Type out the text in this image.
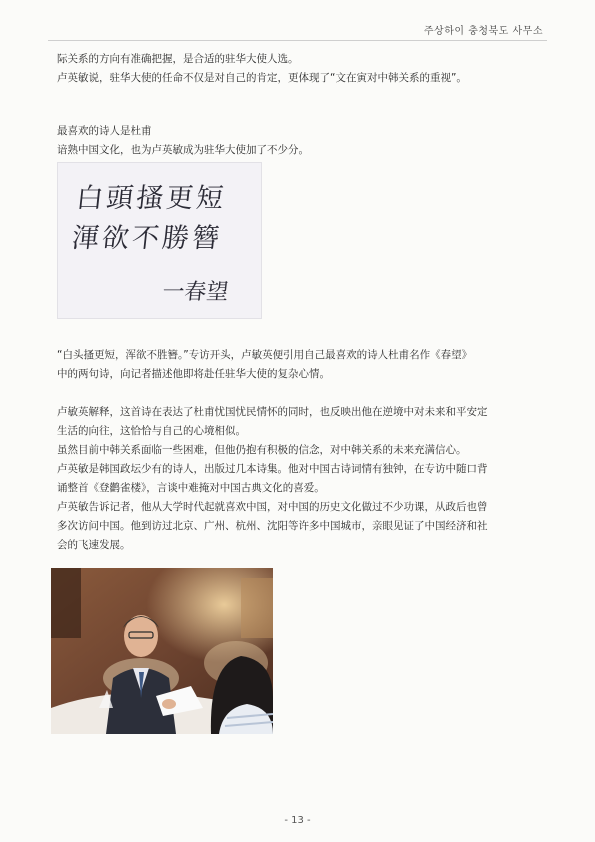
주상하이 충청북도 사무소
际关系的方向有准确把握，是合适的驻华大使人选。
卢英敏说，驻华大使的任命不仅是对自己的肯定，更体现了“文在寅对中韩关系的重视”。
最喜欢的诗人是杜甫
谙熟中国文化，也为卢英敏成为驻华大使加了不少分。
白頭搔更短
渾欲不勝簪
一春望
“白头搔更短，浑欲不胜簪。”专访开头，卢敏英便引用自己最喜欢的诗人杜甫名作《春望》
中的两句诗，向记者描述他即将赴任驻华大使的复杂心情。
卢敏英解释，这首诗在表达了杜甫忧国忧民情怀的同时，也反映出他在逆境中对未来和平安定
生活的向往，这恰恰与自己的心境相似。
虽然目前中韩关系面临一些困难，但他仍抱有积极的信念，对中韩关系的未来充满信心。
卢英敏是韩国政坛少有的诗人，出版过几本诗集。他对中国古诗词情有独钟，在专访中随口背
诵整首《登鹳雀楼》，言谈中难掩对中国古典文化的喜爱。
卢英敏告诉记者，他从大学时代起就喜欢中国，对中国的历史文化做过不少功课，从政后也曾
多次访问中国。他到访过北京、广州、杭州、沈阳等许多中国城市，亲眼见证了中国经济和社
会的飞速发展。
- 13 -
